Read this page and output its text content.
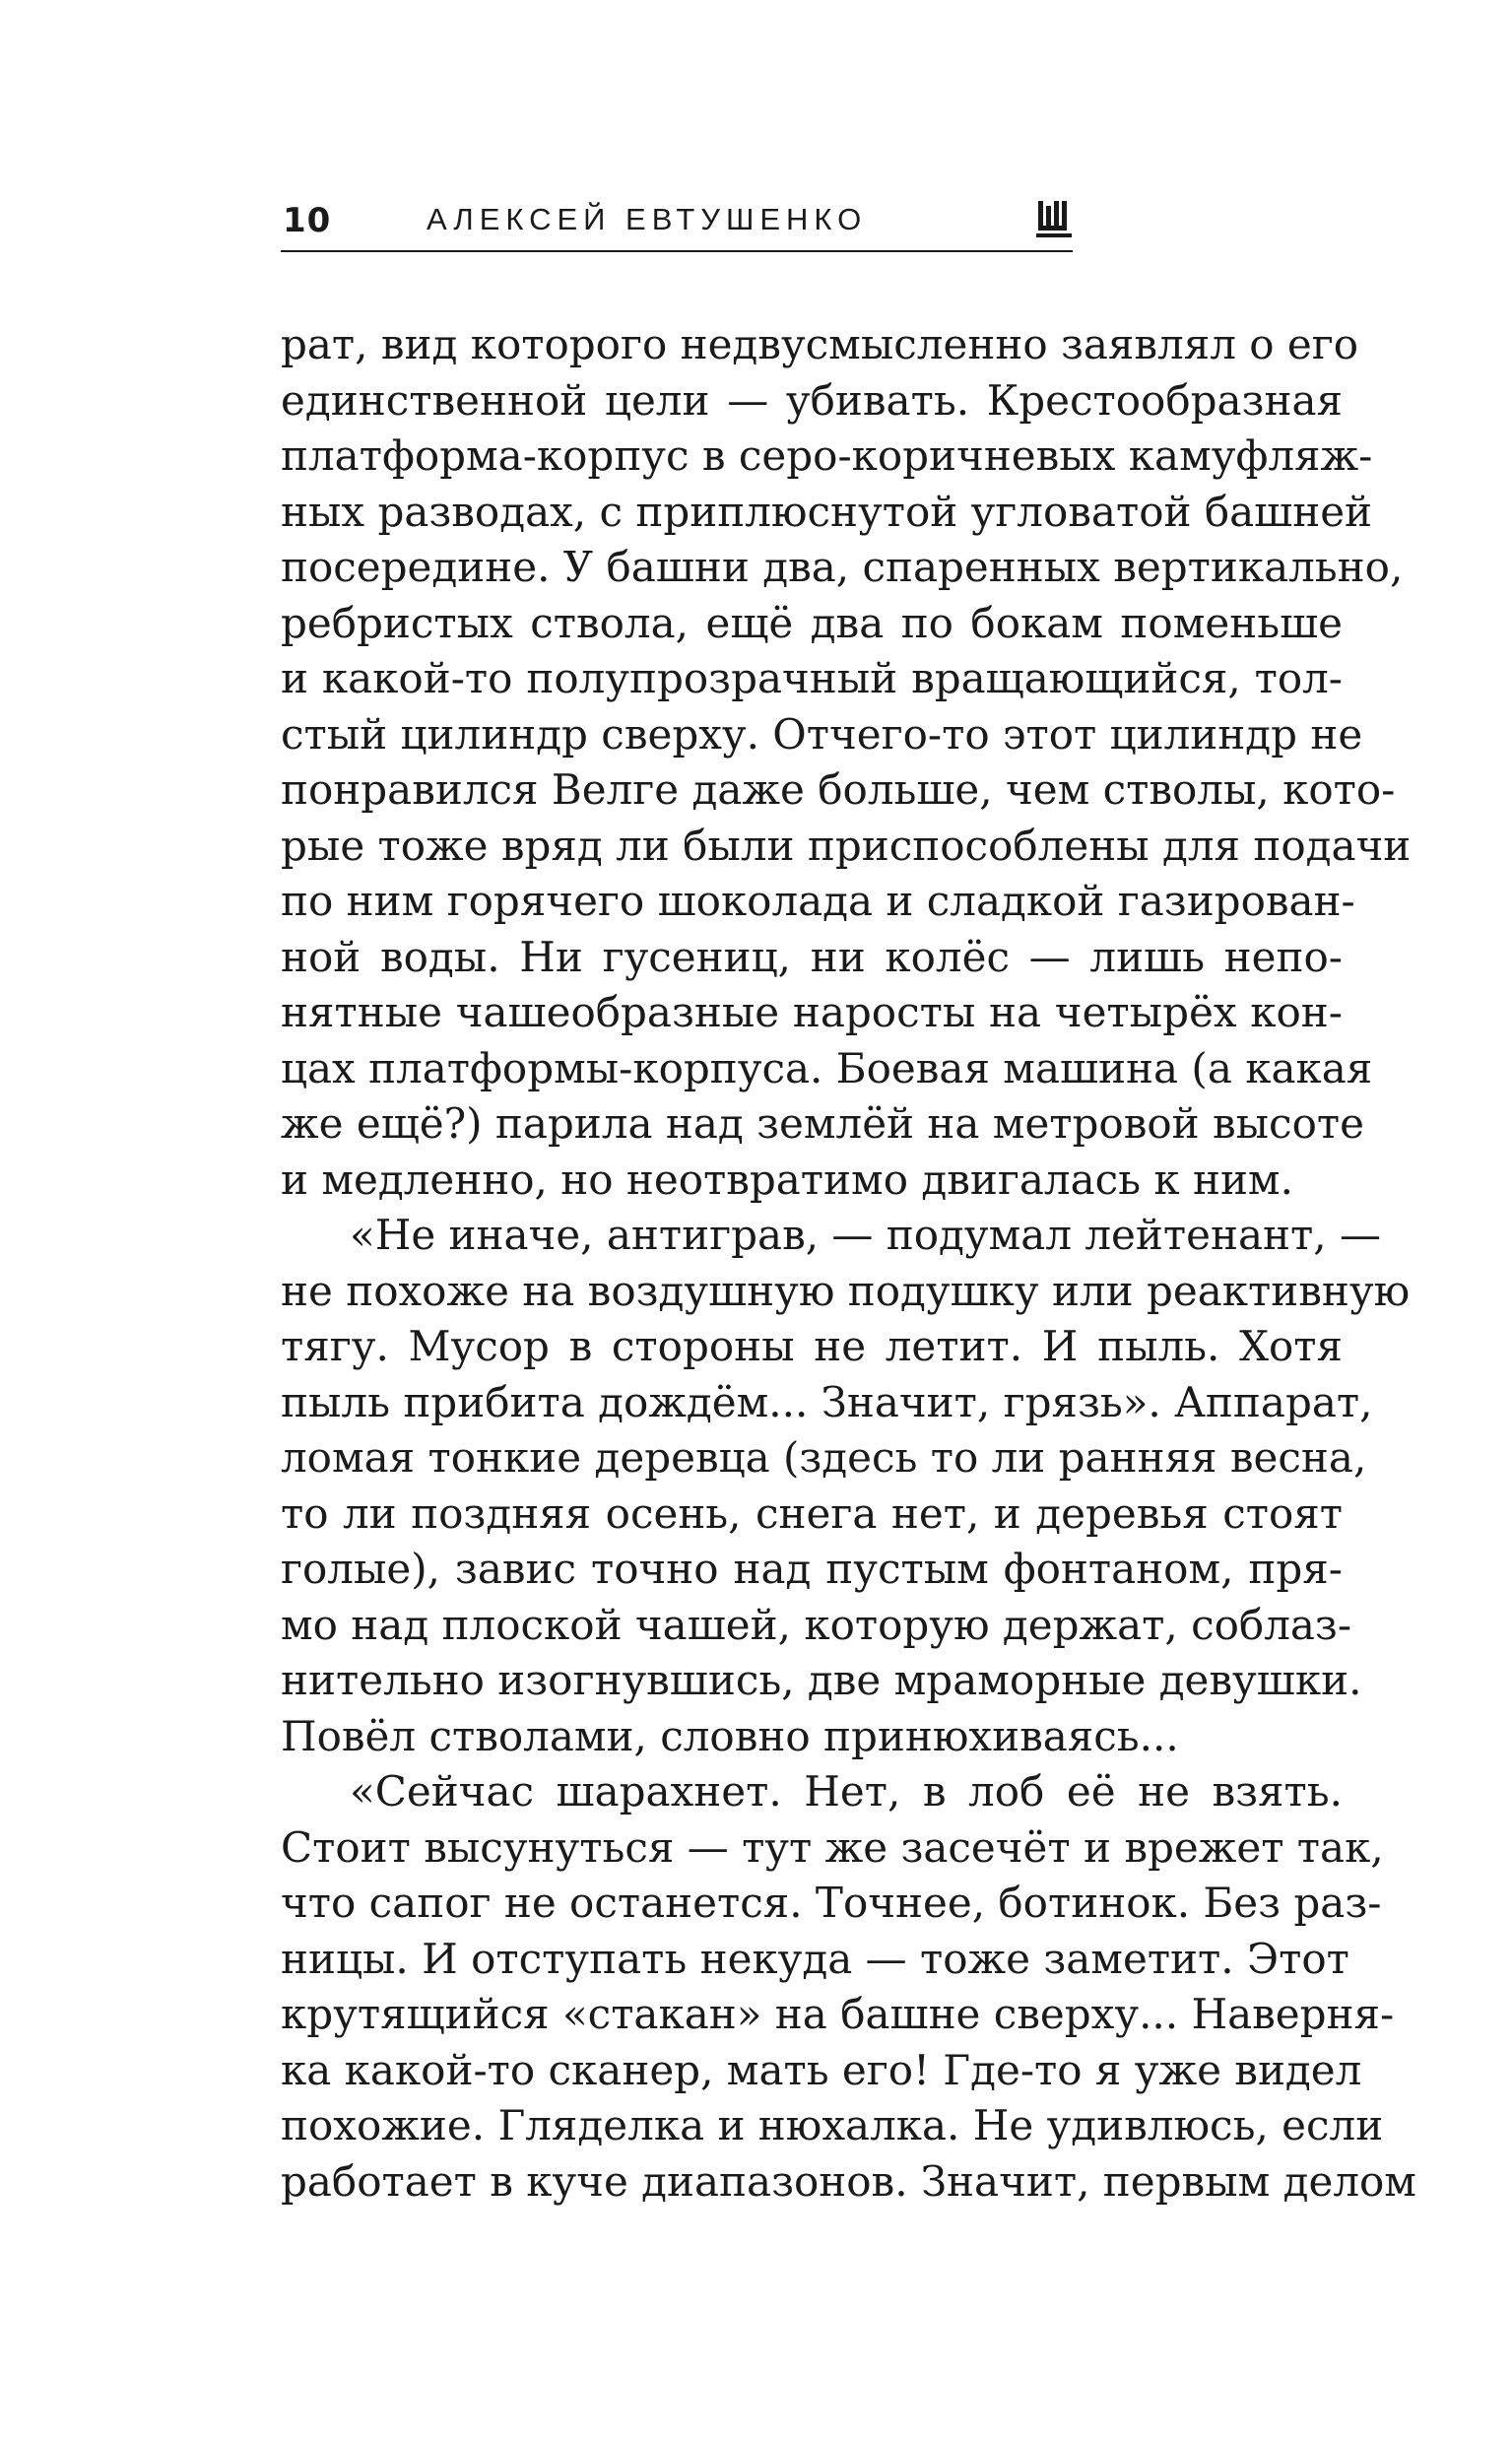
10	АЛЕКСЕЙ ЕВТУШЕНКО
рат, вид которого недвусмысленно заявлял о его
единственной цели — убивать. Крестообразная
платформа-корпус в серо-коричневых камуфляж-
ных разводах, с приплюснутой угловатой башней
посередине. У башни два, спаренных вертикально,
ребристых ствола, ещё два по бокам поменьше
и какой-то полупрозрачный вращающийся, тол-
стый цилиндр сверху. Отчего-то этот цилиндр не
понравился Велге даже больше, чем стволы, кото-
рые тоже вряд ли были приспособлены для подачи
по ним горячего шоколада и сладкой газирован-
ной воды. Ни гусениц, ни колёс — лишь непо-
нятные чашеобразные наросты на четырёх кон-
цах платформы-корпуса. Боевая машина (а какая
же ещё?) парила над землёй на метровой высоте
и медленно, но неотвратимо двигалась к ним.
«Не иначе, антиграв, — подумал лейтенант, —
не похоже на воздушную подушку или реактивную
тягу. Мусор в стороны не летит. И пыль. Хотя
пыль прибита дождём... Значит, грязь». Аппарат,
ломая тонкие деревца (здесь то ли ранняя весна,
то ли поздняя осень, снега нет, и деревья стоят
голые), завис точно над пустым фонтаном, пря-
мо над плоской чашей, которую держат, соблаз-
нительно изогнувшись, две мраморные девушки.
Повёл стволами, словно принюхиваясь...
«Сейчас шарахнет. Нет, в лоб её не взять.
Стоит высунуться — тут же засечёт и врежет так,
что сапог не останется. Точнее, ботинок. Без раз-
ницы. И отступать некуда — тоже заметит. Этот
крутящийся «стакан» на башне сверху... Наверня-
ка какой-то сканер, мать его! Где-то я уже видел
похожие. Гляделка и нюхалка. Не удивлюсь, если
работает в куче диапазонов. Значит, первым делом
